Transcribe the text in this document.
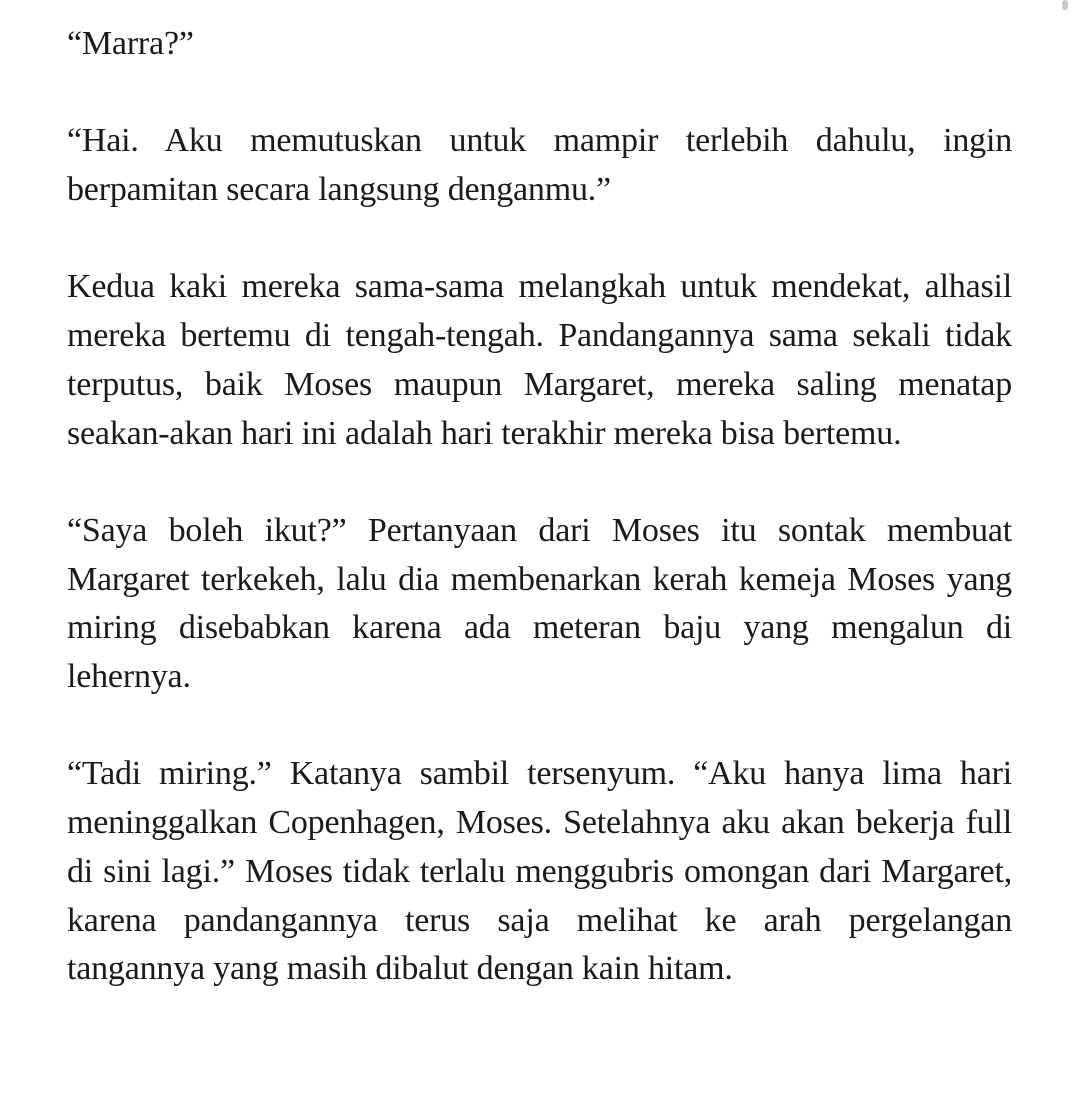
“Marra?”

“Hai. Aku memutuskan untuk mampir terlebih dahulu, ingin berpamitan secara langsung denganmu.”

Kedua kaki mereka sama-sama melangkah untuk mendekat, alhasil mereka bertemu di tengah-tengah. Pandangannya sama sekali tidak terputus, baik Moses maupun Margaret, mereka saling menatap seakan-akan hari ini adalah hari terakhir mereka bisa bertemu.

“Saya boleh ikut?” Pertanyaan dari Moses itu sontak membuat Margaret terkekeh, lalu dia membenarkan kerah kemeja Moses yang miring disebabkan karena ada meteran baju yang mengalun di lehernya.

“Tadi miring.” Katanya sambil tersenyum. “Aku hanya lima hari meninggalkan Copenhagen, Moses. Setelahnya aku akan bekerja full di sini lagi.” Moses tidak terlalu menggubris omongan dari Margaret, karena pandangannya terus saja melihat ke arah pergelangan tangannya yang masih dibalut dengan kain hitam.
